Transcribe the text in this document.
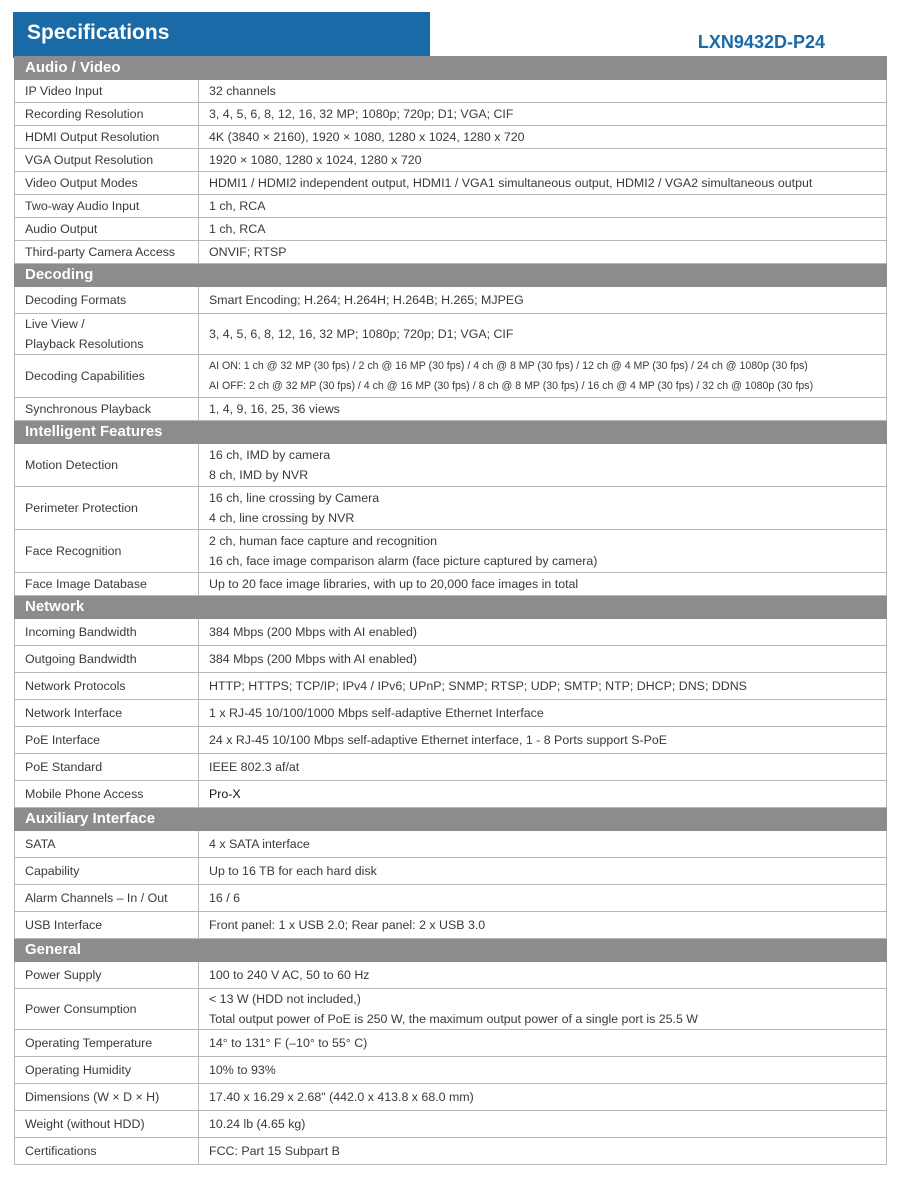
Specifications	LXN9432D-P24
Audio / Video	
IP Video Input	32 channels
Recording Resolution	3, 4, 5, 6, 8, 12, 16, 32 MP; 1080p; 720p; D1; VGA; CIF
HDMI Output Resolution	4K (3840 × 2160), 1920 × 1080, 1280 x 1024, 1280 x 720
VGA Output Resolution	1920 × 1080, 1280 x 1024, 1280 x 720
Video Output Modes	HDMI1 / HDMI2 independent output, HDMI1 / VGA1 simultaneous output, HDMI2 / VGA2 simultaneous output
Two-way Audio Input	1 ch, RCA
Audio Output	1 ch, RCA
Third-party Camera Access	ONVIF; RTSP
Decoding	
Decoding Formats	Smart Encoding; H.264; H.264H; H.264B; H.265; MJPEG

Live View /
Playback Resolutions	3, 4, 5, 6, 8, 12, 16, 32 MP; 1080p; 720p; D1; VGA; CIF
Decoding Capabilities	AI ON: 1 ch @ 32 MP (30 fps) / 2 ch @ 16 MP (30 fps) / 4 ch @ 8 MP (30 fps) / 12 ch @ 4 MP (30 fps) / 24 ch @ 1080p (30 fps)
AI OFF: 2 ch @ 32 MP (30 fps) / 4 ch @ 16 MP (30 fps) / 8 ch @ 8 MP (30 fps) / 16 ch @ 4 MP (30 fps) / 32 ch @ 1080p (30 fps)

Synchronous Playback	1, 4, 9, 16, 25, 36 views
Intelligent Features	
Motion Detection	16 ch, IMD by camera
8 ch, IMD by NVR

Perimeter Protection	16 ch, line crossing by Camera
4 ch, line crossing by NVR

Face Recognition	2 ch, human face capture and recognition
16 ch, face image comparison alarm (face picture captured by camera)

Face Image Database	Up to 20 face image libraries, with up to 20,000 face images in total
Network	
Incoming Bandwidth	384 Mbps (200 Mbps with AI enabled)
Outgoing Bandwidth	384 Mbps (200 Mbps with AI enabled)
Network Protocols	HTTP; HTTPS; TCP/IP; IPv4 / IPv6; UPnP; SNMP; RTSP; UDP; SMTP; NTP; DHCP; DNS; DDNS
Network Interface	1 x RJ-45 10/100/1000 Mbps self-adaptive Ethernet Interface
PoE Interface	24 x RJ-45 10/100 Mbps self-adaptive Ethernet interface, 1 - 8 Ports support S-PoE
PoE Standard	IEEE 802.3 af/at
Mobile Phone Access	Pro-X
Auxiliary Interface	
SATA	4 x SATA interface
Capability	Up to 16 TB for each hard disk
Alarm Channels – In / Out	16 / 6
USB Interface	Front panel: 1 x USB 2.0; Rear panel: 2 x USB 3.0
General	
Power Supply	100 to 240 V AC, 50 to 60 Hz
Power Consumption	< 13 W (HDD not included,)
Total output power of PoE is 250 W, the maximum output power of a single port is 25.5 W

Operating Temperature	14° to 131° F (–10° to 55° C)
Operating Humidity	10% to 93%
Dimensions (W × D × H)	17.40 x 16.29 x 2.68" (442.0 x 413.8 x 68.0 mm)
Weight (without HDD)	10.24 lb (4.65 kg)
Certifications	FCC: Part 15 Subpart B
